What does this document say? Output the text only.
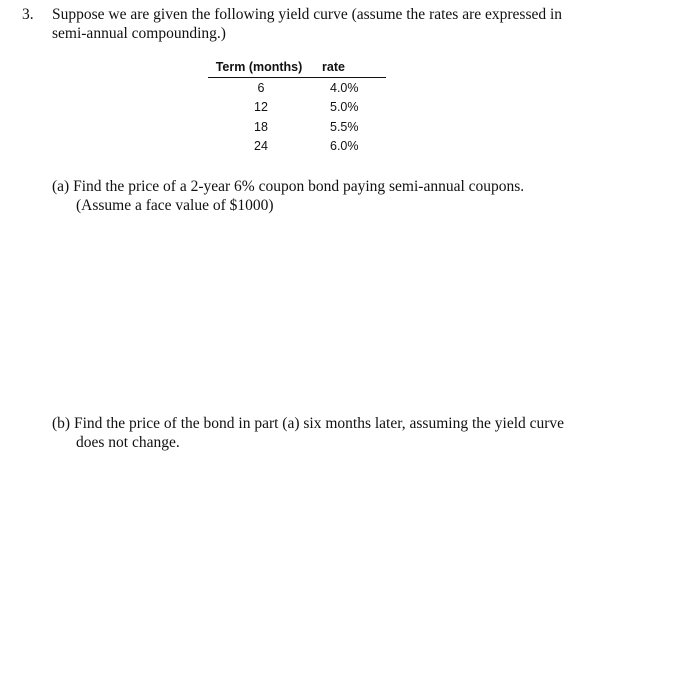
3. Suppose we are given the following yield curve (assume the rates are expressed in
semi-annual compounding.)
Term (months)	rate
6	4.0%
12	5.0%
18	5.5%
24	6.0%
(a) Find the price of a 2-year 6% coupon bond paying semi-annual coupons.
(Assume a face value of $1000)
(b) Find the price of the bond in part (a) six months later, assuming the yield curve
does not change.
